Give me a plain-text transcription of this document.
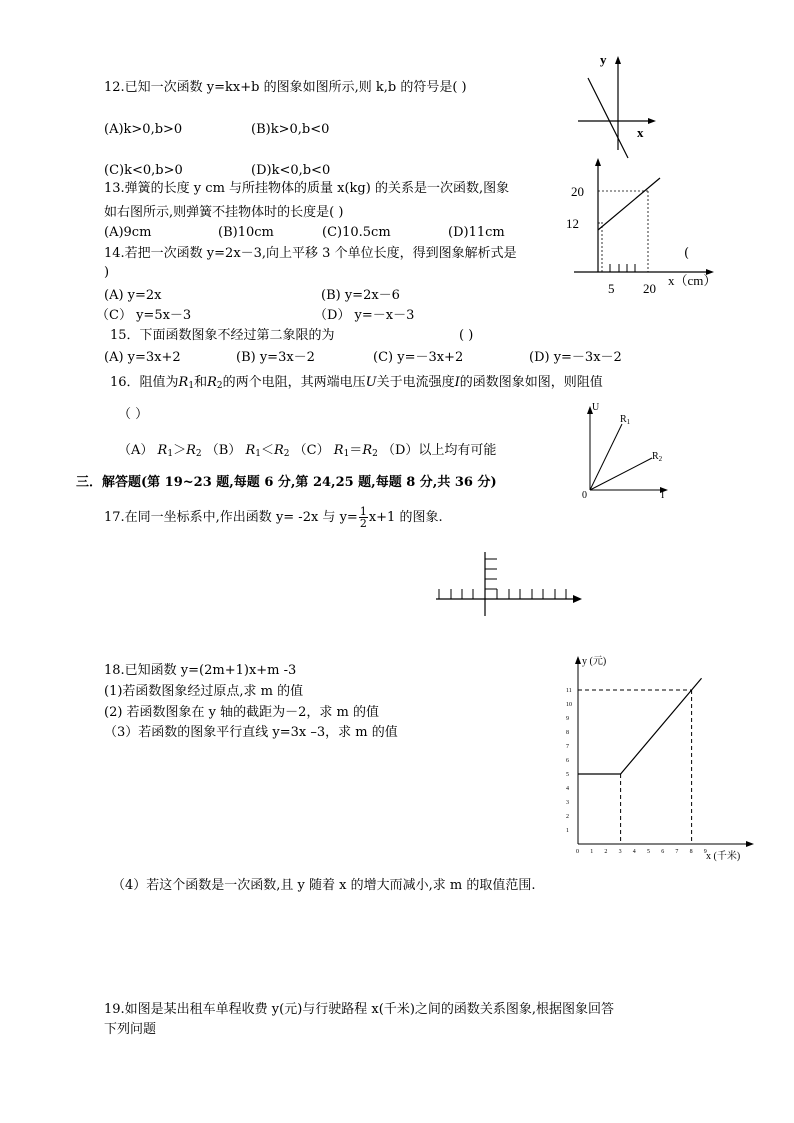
12.已知一次函数 y=kx+b 的图象如图所示,则 k,b 的符号是( )
(A)k>0,b>0	(B)k>0,b<0
(C)k<0,b>0	(D)k<0,b<0
y
x
13.弹簧的长度 y cm 与所挂物体的质量 x(kg) 的关系是一次函数,图象
如右图所示,则弹簧不挂物体时的长度是( )
(A)9cm	(B)10cm	(C)10.5cm	(D)11cm
20
12
5 20
x（cm）
14.若把一次函数 y=2x－3,向上平移 3 个单位长度，得到图象解析式是	(
)
(A) y=2x	(B) y=2x－6
（C） y=5x－3	（D） y=－x－3
15．下面函数图象不经过第二象限的为	( )
(A) y=3x+2	(B) y=3x－2	(C) y=－3x+2	(D) y=－3x－2
16．阻值为$R_1$和$R_2$的两个电阻，其两端电压U关于电流强度I的函数图象如图，则阻值
（ ）
（A） $R_1>R_2$ （B） $R_1<R_2$ （C） $R_1=R_2$ （D）以上均有可能
U
I
0
$R_1$
$R_2$
三．解答题(第 19~23 题,每题 6 分,第 24,25 题,每题 8 分,共 36 分)
17.在同一坐标系中,作出函数 y= -2x 与 $y= \frac{1}{2} x+1$ 的图象.
18.已知函数 y=(2m+1)x+m -3
(1)若函数图象经过原点,求 m 的值
(2) 若函数图象在 y 轴的截距为－2，求 m 的值
（3）若函数的图象平行直线 y=3x –3，求 m 的值
（4）若这个函数是一次函数,且 y 随着 x 的增大而减小,求 m 的取值范围.
0 1 2 3 4 5 6 7 8 9
1
2
3
4
5
6
7
8
9
10
11
y (元)
x (千米)
19.如图是某出租车单程收费 y(元)与行驶路程 x(千米)之间的函数关系图象,根据图象回答
下列问题
